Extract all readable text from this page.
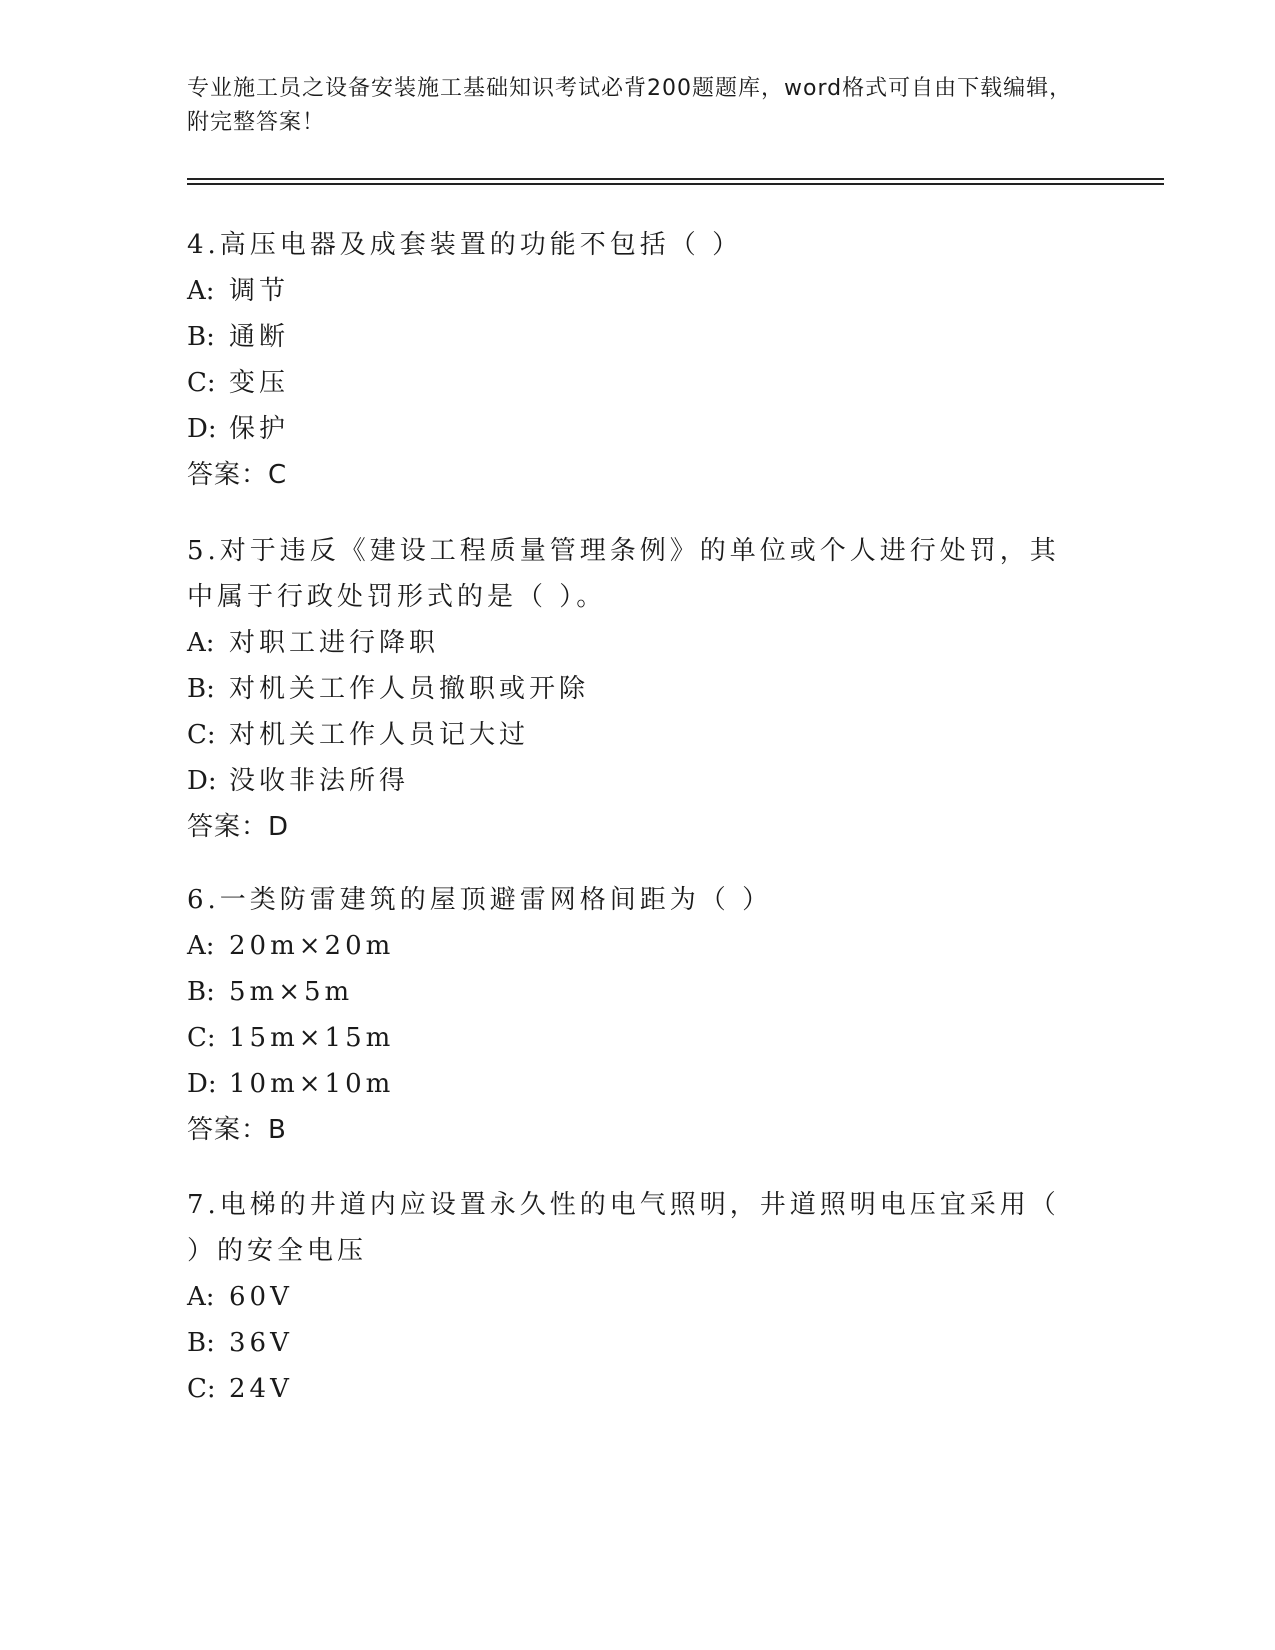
专业施工员之设备安装施工基础知识考试必背200题题库，word格式可自由下载编辑，附完整答案！

4.高压电器及成套装置的功能不包括（ ）

A: 调节

B: 通断

C: 变压

D: 保护

答案：C

5.对于违反《建设工程质量管理条例》的单位或个人进行处罚，其中属于行政处罚形式的是（ ）。

A: 对职工进行降职

B: 对机关工作人员撤职或开除

C: 对机关工作人员记大过

D: 没收非法所得

答案：D

6.一类防雷建筑的屋顶避雷网格间距为（ ）

A: 20m×20m

B: 5m×5m

C: 15m×15m

D: 10m×10m

答案：B

7.电梯的井道内应设置永久性的电气照明，井道照明电压宜采用（ ）的安全电压

A: 60V

B: 36V

C: 24V
